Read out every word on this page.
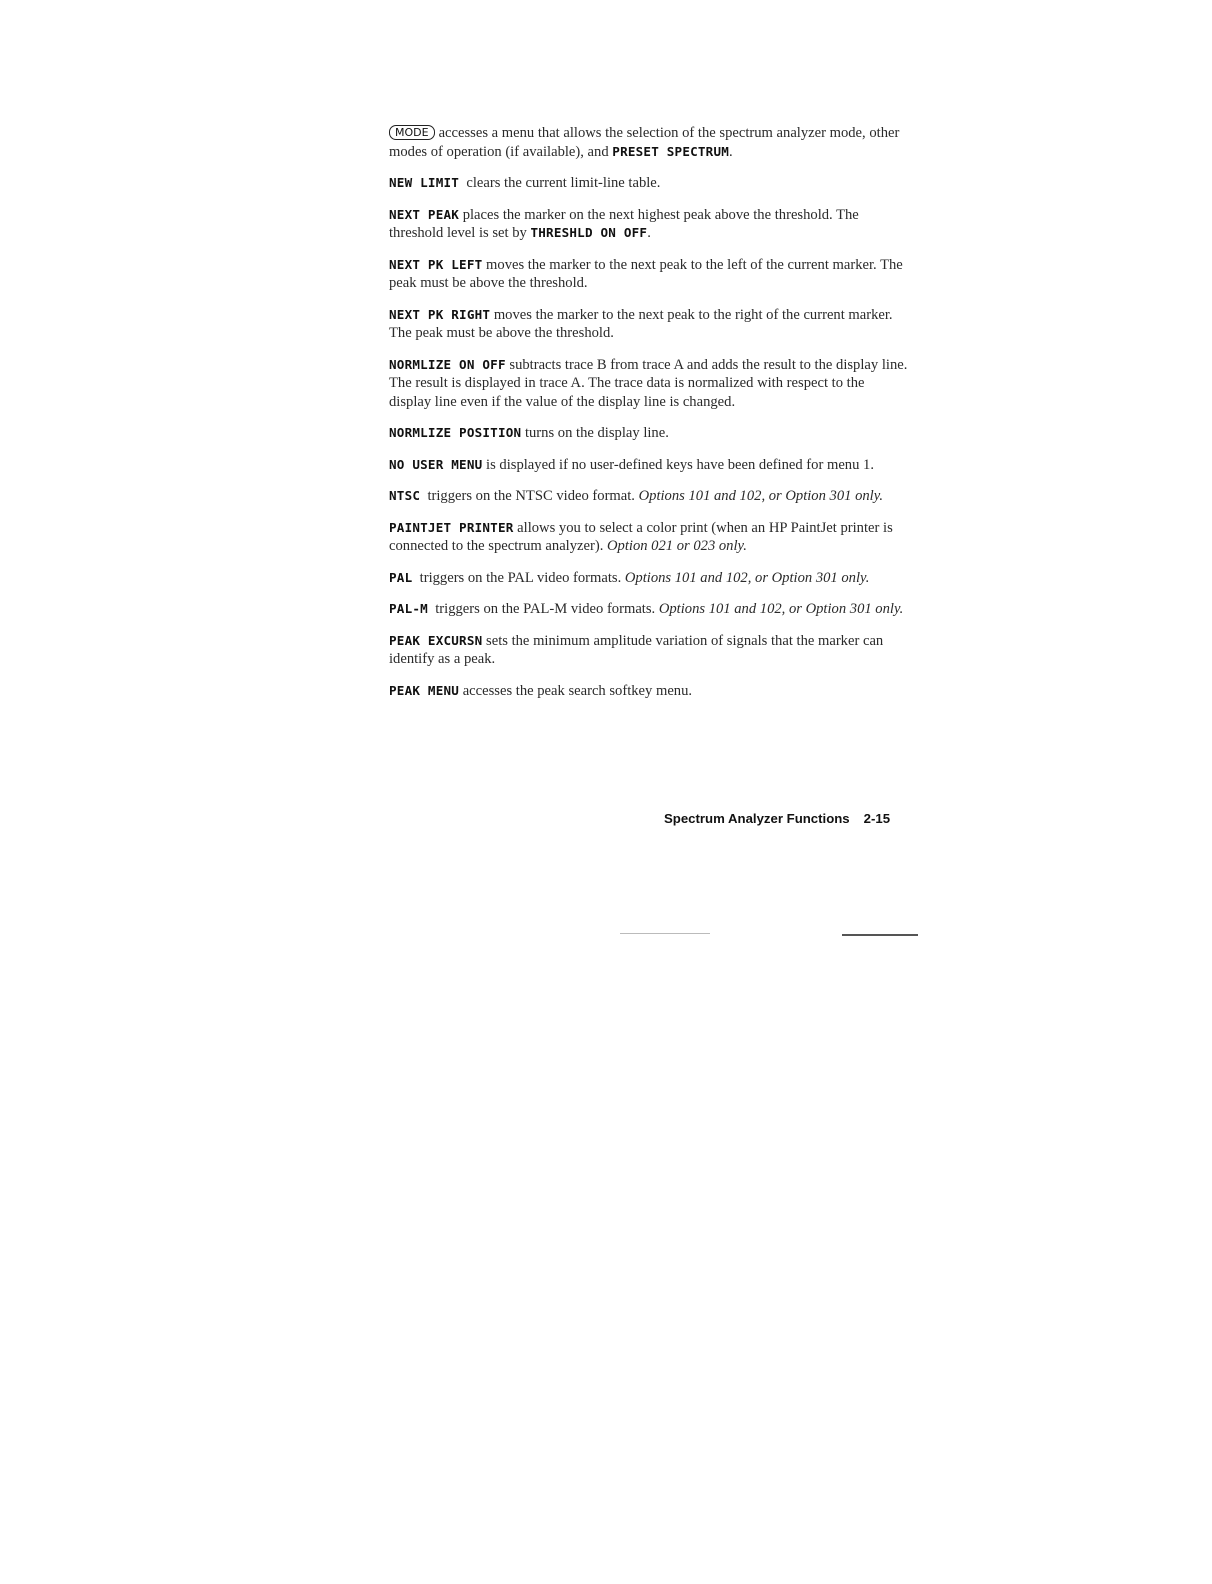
MODE accesses a menu that allows the selection of the spectrum analyzer mode, other modes of operation (if available), and PRESET SPECTRUM.

NEW LIMIT clears the current limit-line table.

NEXT PEAK places the marker on the next highest peak above the threshold. The threshold level is set by THRESHLD ON OFF.

NEXT PK LEFT moves the marker to the next peak to the left of the current marker. The peak must be above the threshold.

NEXT PK RIGHT moves the marker to the next peak to the right of the current marker. The peak must be above the threshold.

NORMLIZE ON OFF subtracts trace B from trace A and adds the result to the display line. The result is displayed in trace A. The trace data is normalized with respect to the display line even if the value of the display line is changed.

NORMLIZE POSITION turns on the display line.

NO USER MENU is displayed if no user-defined keys have been defined for menu 1.

NTSC triggers on the NTSC video format. Options 101 and 102, or Option 301 only.

PAINTJET PRINTER allows you to select a color print (when an HP PaintJet printer is connected to the spectrum analyzer). Option 021 or 023 only.

PAL triggers on the PAL video formats. Options 101 and 102, or Option 301 only.

PAL-M triggers on the PAL-M video formats. Options 101 and 102, or Option 301 only.

PEAK EXCURSN sets the minimum amplitude variation of signals that the marker can identify as a peak.

PEAK MENU accesses the peak search softkey menu.

Spectrum Analyzer Functions 2-15
